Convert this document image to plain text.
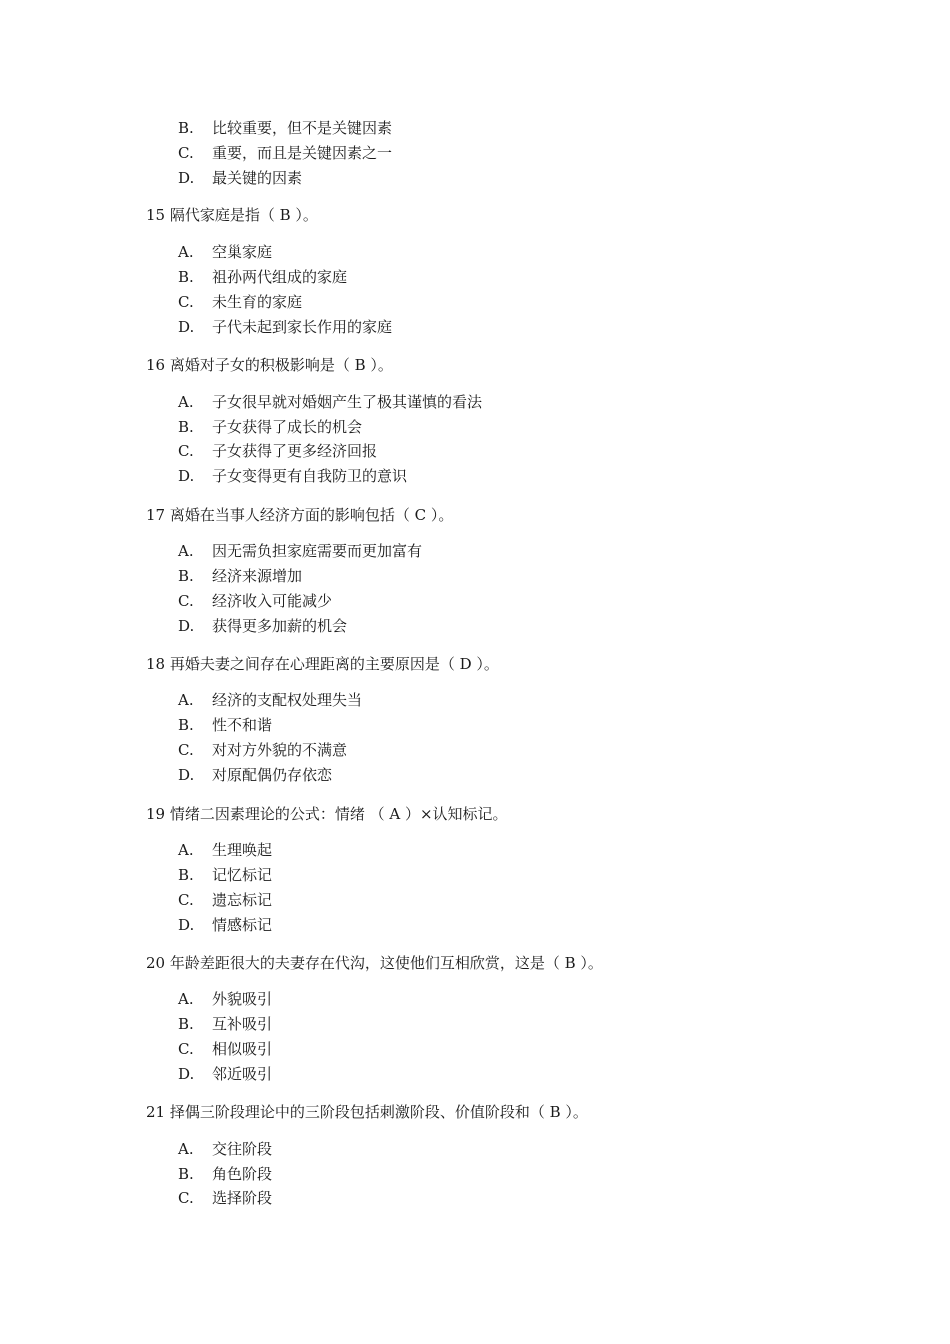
B. 比较重要，但不是关键因素
C. 重要，而且是关键因素之一
D. 最关键的因素
15 隔代家庭是指（ B ）。
A. 空巢家庭
B. 祖孙两代组成的家庭
C. 未生育的家庭
D. 子代未起到家长作用的家庭
16 离婚对子女的积极影响是（ B ）。
A. 子女很早就对婚姻产生了极其谨慎的看法
B. 子女获得了成长的机会
C. 子女获得了更多经济回报
D. 子女变得更有自我防卫的意识
17 离婚在当事人经济方面的影响包括（ C ）。
A. 因无需负担家庭需要而更加富有
B. 经济来源增加
C. 经济收入可能减少
D. 获得更多加薪的机会
18 再婚夫妻之间存在心理距离的主要原因是（ D ）。
A. 经济的支配权处理失当
B. 性不和谐
C. 对对方外貌的不满意
D. 对原配偶仍存依恋
19 情绪二因素理论的公式：情绪 （ A ）×认知标记。
A. 生理唤起
B. 记忆标记
C. 遗忘标记
D. 情感标记
20 年龄差距很大的夫妻存在代沟，这使他们互相欣赏，这是（ B ）。
A. 外貌吸引
B. 互补吸引
C. 相似吸引
D. 邻近吸引
21 择偶三阶段理论中的三阶段包括刺激阶段、价值阶段和（ B ）。
A. 交往阶段
B. 角色阶段
C. 选择阶段
